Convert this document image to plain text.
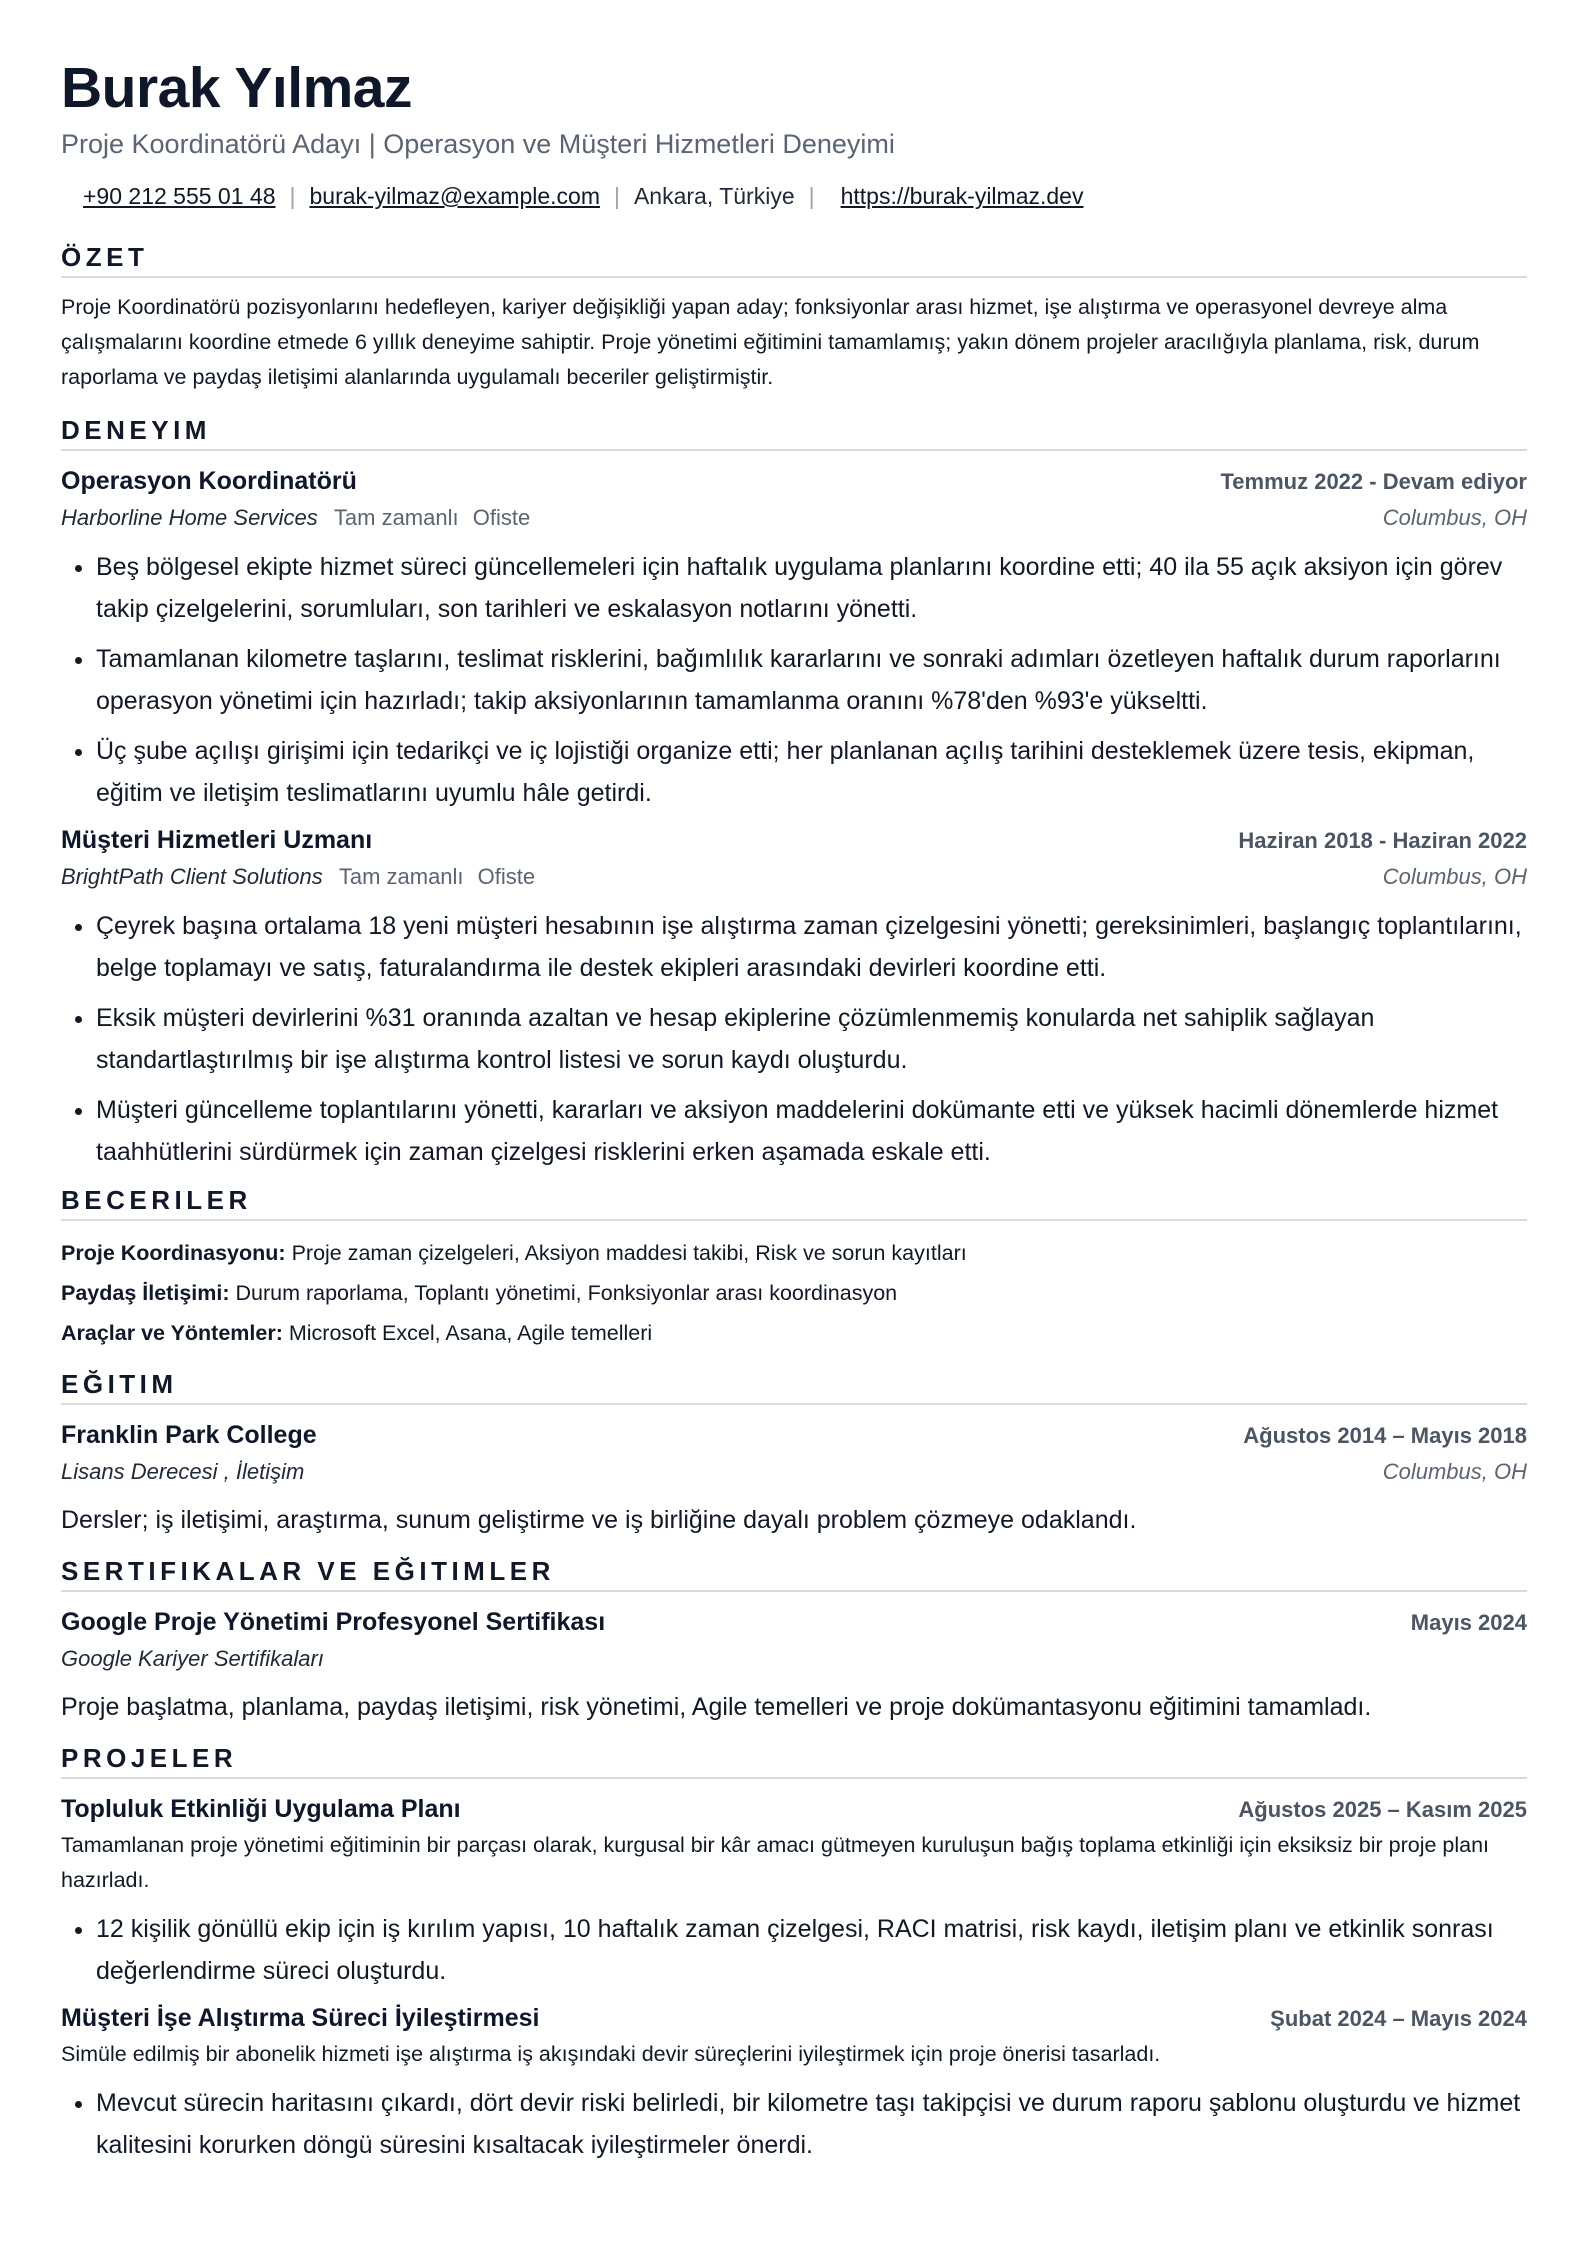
Burak Yılmaz
Proje Koordinatörü Adayı | Operasyon ve Müşteri Hizmetleri Deneyimi
+90 212 555 01 48 | burak-yilmaz@example.com | Ankara, Türkiye | https://burak-yilmaz.dev
ÖZET

Proje Koordinatörü pozisyonlarını hedefleyen, kariyer değişikliği yapan aday; fonksiyonlar arası hizmet, işe alıştırma ve operasyonel devreye alma çalışmalarını koordine etmede 6 yıllık deneyime sahiptir. Proje yönetimi eğitimini tamamlamış; yakın dönem projeler aracılığıyla planlama, risk, durum raporlama ve paydaş iletişimi alanlarında uygulamalı beceriler geliştirmiştir.

DENEYIM
Operasyon Koordinatörü	Temmuz 2022 - Devam ediyor
Harborline Home Services Tam zamanlı Ofiste	Columbus, OH
• Beş bölgesel ekipte hizmet süreci güncellemeleri için haftalık uygulama planlarını koordine etti; 40 ila 55 açık aksiyon için görev takip çizelgelerini, sorumluları, son tarihleri ve eskalasyon notlarını yönetti.
• Tamamlanan kilometre taşlarını, teslimat risklerini, bağımlılık kararlarını ve sonraki adımları özetleyen haftalık durum raporlarını operasyon yönetimi için hazırladı; takip aksiyonlarının tamamlanma oranını %78'den %93'e yükseltti.
• Üç şube açılışı girişimi için tedarikçi ve iç lojistiği organize etti; her planlanan açılış tarihini desteklemek üzere tesis, ekipman, eğitim ve iletişim teslimatlarını uyumlu hâle getirdi.
Müşteri Hizmetleri Uzmanı	Haziran 2018 - Haziran 2022
BrightPath Client Solutions Tam zamanlı Ofiste	Columbus, OH
• Çeyrek başına ortalama 18 yeni müşteri hesabının işe alıştırma zaman çizelgesini yönetti; gereksinimleri, başlangıç toplantılarını, belge toplamayı ve satış, faturalandırma ile destek ekipleri arasındaki devirleri koordine etti.
• Eksik müşteri devirlerini %31 oranında azaltan ve hesap ekiplerine çözümlenmemiş konularda net sahiplik sağlayan standartlaştırılmış bir işe alıştırma kontrol listesi ve sorun kaydı oluşturdu.
• Müşteri güncelleme toplantılarını yönetti, kararları ve aksiyon maddelerini dokümante etti ve yüksek hacimli dönemlerde hizmet taahhütlerini sürdürmek için zaman çizelgesi risklerini erken aşamada eskale etti.
BECERILER
Proje Koordinasyonu: Proje zaman çizelgeleri, Aksiyon maddesi takibi, Risk ve sorun kayıtları
Paydaş İletişimi: Durum raporlama, Toplantı yönetimi, Fonksiyonlar arası koordinasyon
Araçlar ve Yöntemler: Microsoft Excel, Asana, Agile temelleri
EĞITIM
Franklin Park College	Ağustos 2014 – Mayıs 2018
Lisans Derecesi , İletişim	Columbus, OH
Dersler; iş iletişimi, araştırma, sunum geliştirme ve iş birliğine dayalı problem çözmeye odaklandı.
SERTIFIKALAR VE EĞITIMLER
Google Proje Yönetimi Profesyonel Sertifikası	Mayıs 2024
Google Kariyer Sertifikaları
Proje başlatma, planlama, paydaş iletişimi, risk yönetimi, Agile temelleri ve proje dokümantasyonu eğitimini tamamladı.
PROJELER
Topluluk Etkinliği Uygulama Planı	Ağustos 2025 – Kasım 2025
Tamamlanan proje yönetimi eğitiminin bir parçası olarak, kurgusal bir kâr amacı gütmeyen kuruluşun bağış toplama etkinliği için eksiksiz bir proje planı hazırladı.
• 12 kişilik gönüllü ekip için iş kırılım yapısı, 10 haftalık zaman çizelgesi, RACI matrisi, risk kaydı, iletişim planı ve etkinlik sonrası değerlendirme süreci oluşturdu.
Müşteri İşe Alıştırma Süreci İyileştirmesi	Şubat 2024 – Mayıs 2024
Simüle edilmiş bir abonelik hizmeti işe alıştırma iş akışındaki devir süreçlerini iyileştirmek için proje önerisi tasarladı.
• Mevcut sürecin haritasını çıkardı, dört devir riski belirledi, bir kilometre taşı takipçisi ve durum raporu şablonu oluşturdu ve hizmet kalitesini korurken döngü süresini kısaltacak iyileştirmeler önerdi.
